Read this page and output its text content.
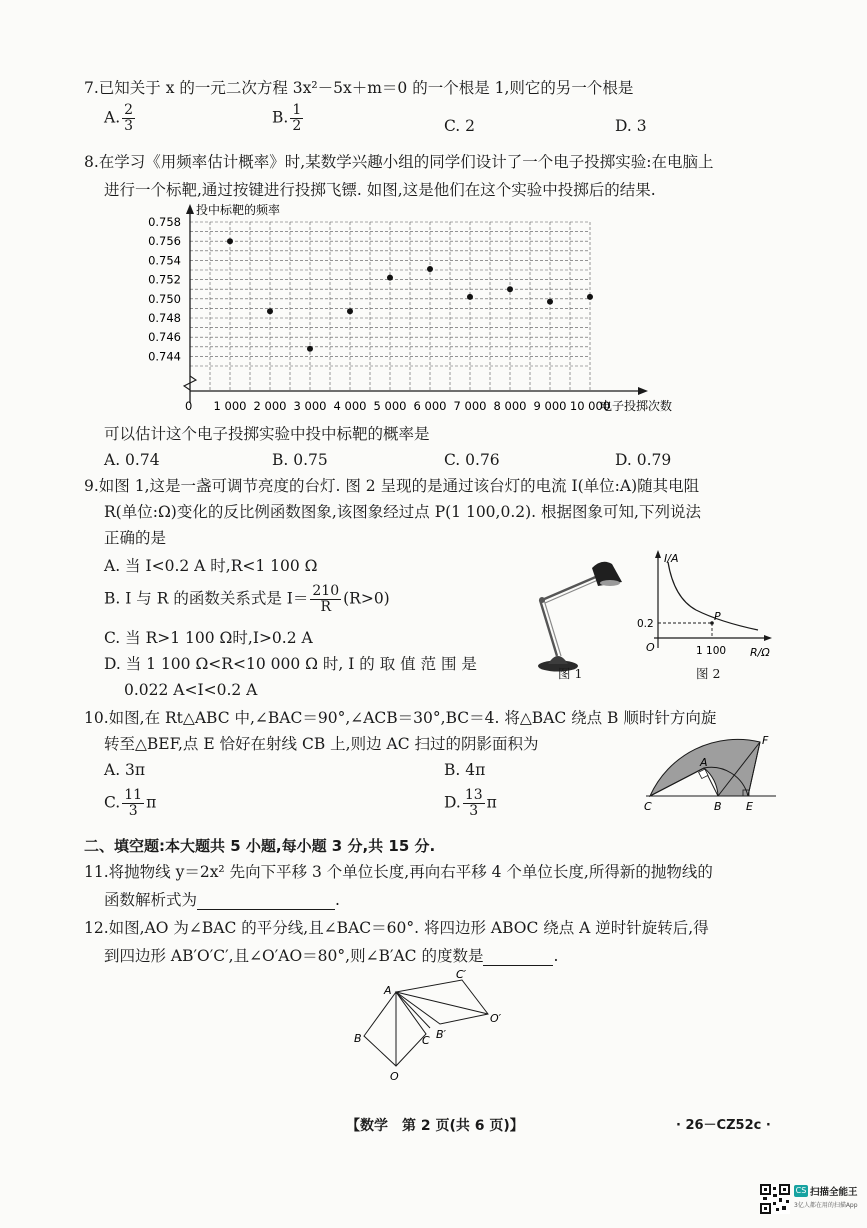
7.已知关于 x 的一元二次方程 3x²－5x＋m＝0 的一个根是 1,则它的另一个根是
A. $\frac{2}{3}$	B. $\frac{1}{2}$	C. 2	D. 3
8.在学习《用频率估计概率》时,某数学兴趣小组的同学们设计了一个电子投掷实验:在电脑上
进行一个标靶,通过按键进行投掷飞镖. 如图,这是他们在这个实验中投掷后的结果.
投中标靶的频率
电子投掷次数
0
0.744
0.746
0.748
0.750
0.752
0.754
0.756
0.758
1 000 2 000 3 000 4 000 5 000 6 000 7 000 8 000 9 000 10 000
可以估计这个电子投掷实验中投中标靶的概率是
A. 0.74	B. 0.75	C. 0.76	D. 0.79
9.如图 1,这是一盏可调节亮度的台灯. 图 2 呈现的是通过该台灯的电流 I(单位:A)随其电阻
R(单位:Ω)变化的反比例函数图象,该图象经过点 P(1 100,0.2). 根据图象可知,下列说法
正确的是
A. 当 I<0.2 A 时,R<1 100 Ω
B. I 与 R 的函数关系式是 $I= \frac{210}{R} (R>0)$
C. 当 R>1 100 Ω时,I>0.2 A
D. 当 1 100 Ω<R<10 000 Ω 时, I 的 取 值 范 围 是
0.022 A<I<0.2 A
图 1
I/A
R/Ω
O
P
0.2
1 100
图 2
10.如图,在 Rt△ABC 中,∠BAC＝90°,∠ACB＝30°,BC＝4. 将△BAC 绕点 B 顺时针方向旋
转至△BEF,点 E 恰好在射线 CB 上,则边 AC 扫过的阴影面积为
A. 3π	B. 4π
C. $\frac{11}{3}$ π	D. $\frac{13}{3}$ π
A
F
C	B E
二、填空题:本大题共 5 小题,每小题 3 分,共 15 分.
11.将抛物线 y＝2x² 先向下平移 3 个单位长度,再向右平移 4 个单位长度,所得新的抛物线的
函数解析式为	.
12.如图,AO 为∠BAC 的平分线,且∠BAC＝60°. 将四边形 ABOC 绕点 A 逆时针旋转后,得
到四边形 AB′O′C′,且∠O′AO＝80°,则∠B′AC 的度数是	.
A
B	C
O
B′
C′
O′
【数学　第 2 页(共 6 页)】	· 26－CZ52c ·
CS 扫描全能王
3亿人都在用的扫描App
